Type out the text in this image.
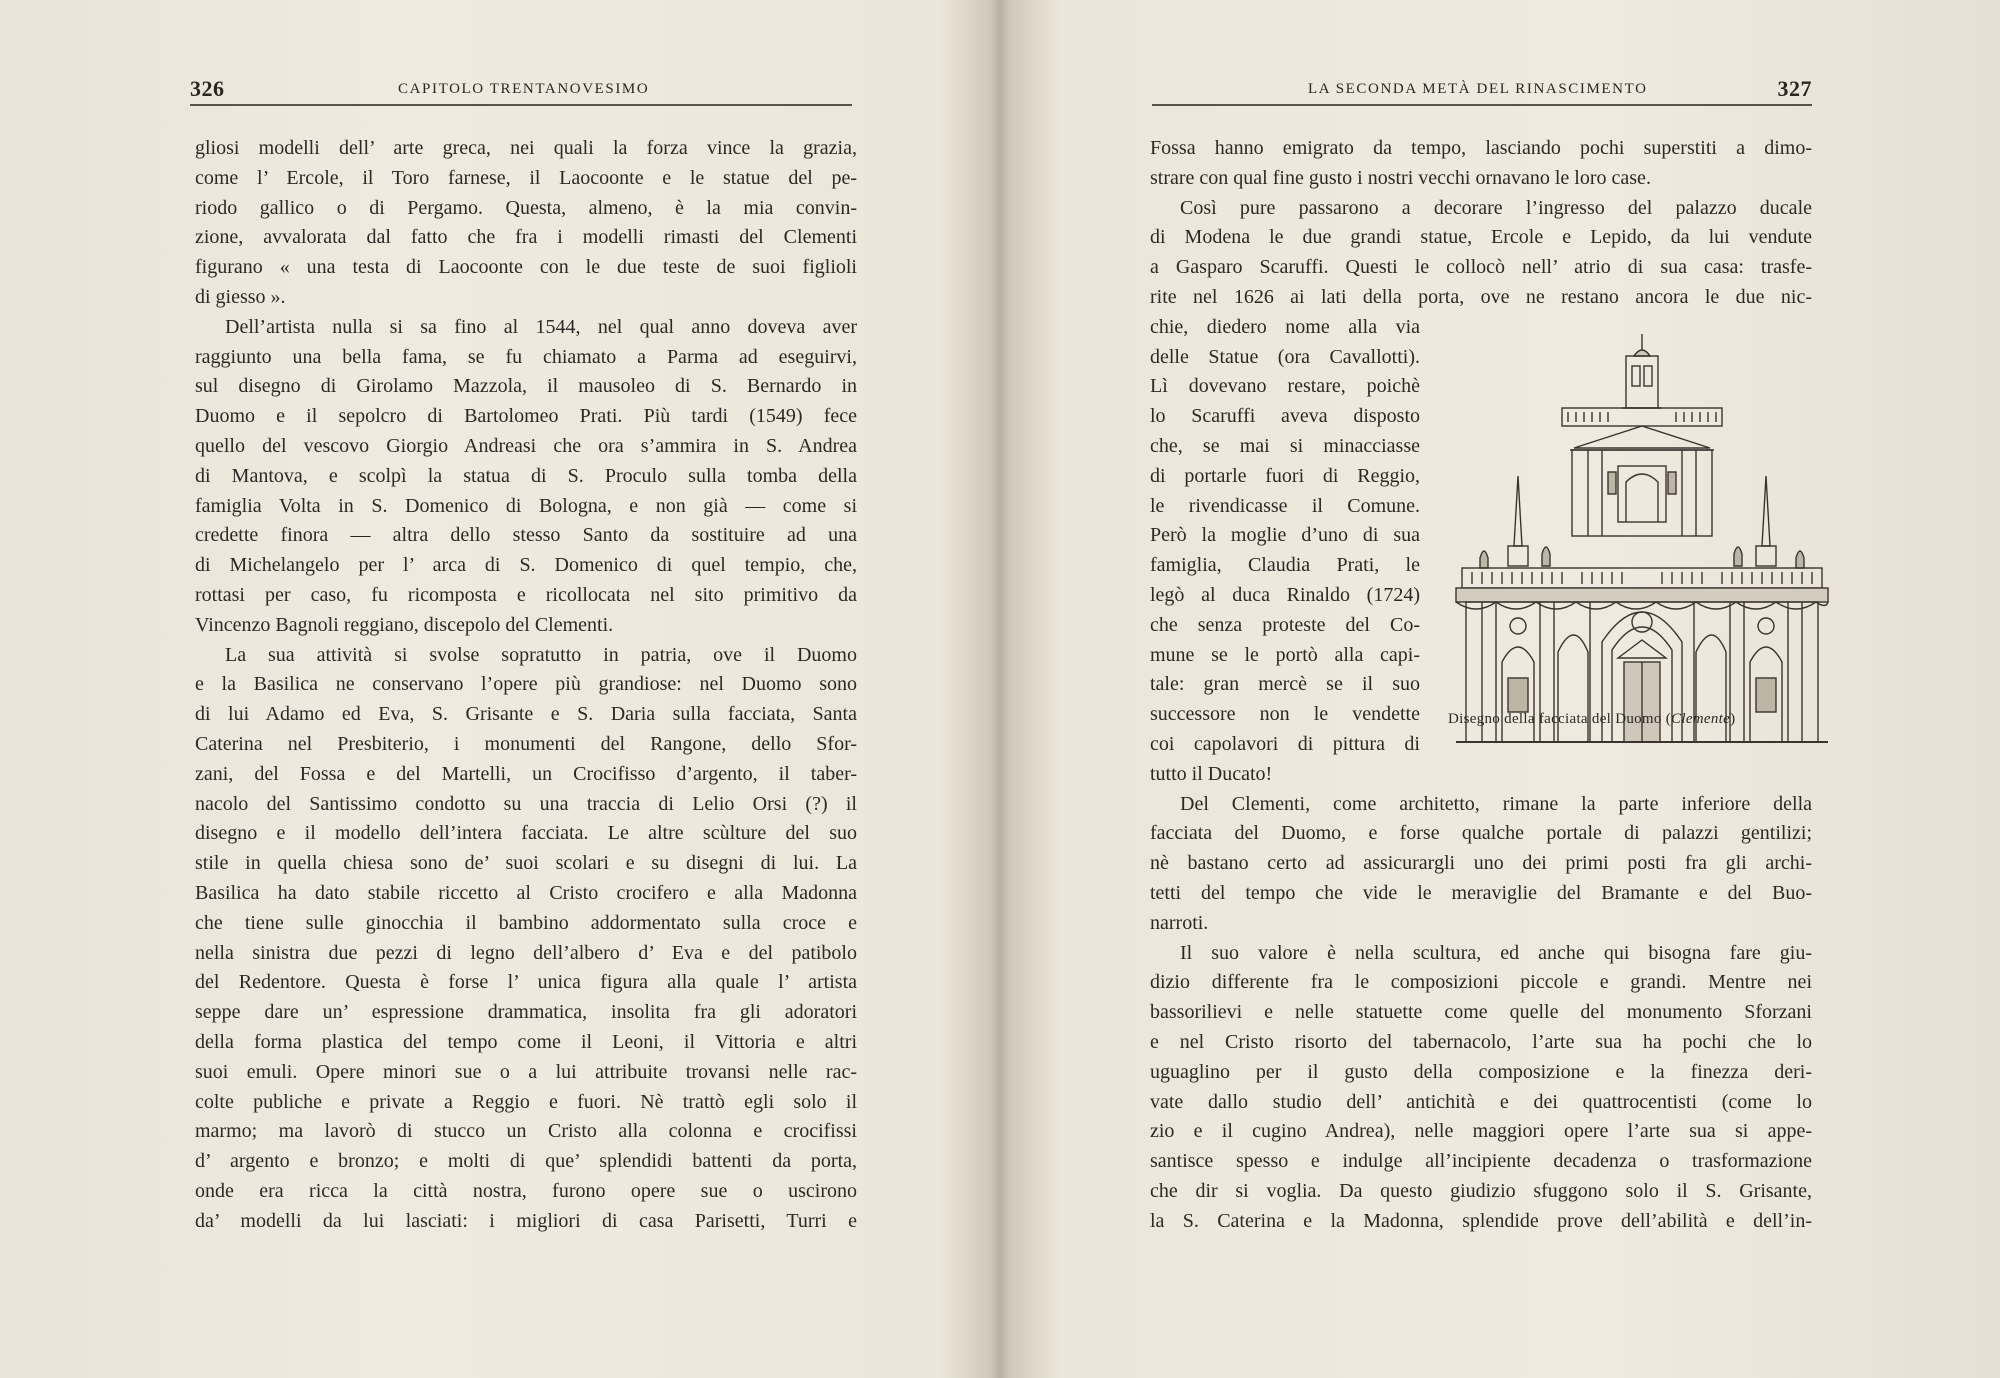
326	CAPITOLO TRENTANOVESIMO
gliosi modelli dell’ arte greca, nei quali la forza vince la grazia,
come l’ Ercole, il Toro farnese, il Laocoonte e le statue del pe-
riodo gallico o di Pergamo. Questa, almeno, è la mia convin-
zione, avvalorata dal fatto che fra i modelli rimasti del Clementi
figurano « una testa di Laocoonte con le due teste de suoi figlioli
di giesso ».
Dell’artista nulla si sa fino al 1544, nel qual anno doveva aver
raggiunto una bella fama, se fu chiamato a Parma ad eseguirvi,
sul disegno di Girolamo Mazzola, il mausoleo di S. Bernardo in
Duomo e il sepolcro di Bartolomeo Prati. Più tardi (1549) fece
quello del vescovo Giorgio Andreasi che ora s’ammira in S. Andrea
di Mantova, e scolpì la statua di S. Proculo sulla tomba della
famiglia Volta in S. Domenico di Bologna, e non già — come si
credette finora — altra dello stesso Santo da sostituire ad una
di Michelangelo per l’ arca di S. Domenico di quel tempio, che,
rottasi per caso, fu ricomposta e ricollocata nel sito primitivo da
Vincenzo Bagnoli reggiano, discepolo del Clementi.
La sua attività si svolse sopratutto in patria, ove il Duomo
e la Basilica ne conservano l’opere più grandiose: nel Duomo sono
di lui Adamo ed Eva, S. Grisante e S. Daria sulla facciata, Santa
Caterina nel Presbiterio, i monumenti del Rangone, dello Sfor-
zani, del Fossa e del Martelli, un Crocifisso d’argento, il taber-
nacolo del Santissimo condotto su una traccia di Lelio Orsi (?) il
disegno e il modello dell’intera facciata. Le altre scùlture del suo
stile in quella chiesa sono de’ suoi scolari e su disegni di lui. La
Basilica ha dato stabile riccetto al Cristo crocifero e alla Madonna
che tiene sulle ginocchia il bambino addormentato sulla croce e
nella sinistra due pezzi di legno dell’albero d’ Eva e del patibolo
del Redentore. Questa è forse l’ unica figura alla quale l’ artista
seppe dare un’ espressione drammatica, insolita fra gli adoratori
della forma plastica del tempo come il Leoni, il Vittoria e altri
suoi emuli. Opere minori sue o a lui attribuite trovansi nelle rac-
colte publiche e private a Reggio e fuori. Nè trattò egli solo il
marmo; ma lavorò di stucco un Cristo alla colonna e crocifissi
d’ argento e bronzo; e molti di que’ splendidi battenti da porta,
onde era ricca la città nostra, furono opere sue o uscirono
da’ modelli da lui lasciati: i migliori di casa Parisetti, Turri e
LA SECONDA METÀ DEL RINASCIMENTO	327
Fossa hanno emigrato da tempo, lasciando pochi superstiti a dimo-
strare con qual fine gusto i nostri vecchi ornavano le loro case.
Così pure passarono a decorare l’ingresso del palazzo ducale
di Modena le due grandi statue, Ercole e Lepido, da lui vendute
a Gasparo Scaruffi. Questi le collocò nell’ atrio di sua casa: trasfe-
rite nel 1626 ai lati della porta, ove ne restano ancora le due nic-
chie, diedero nome alla via
delle Statue (ora Cavallotti).
Lì dovevano restare, poichè
lo Scaruffi aveva disposto
che, se mai si minacciasse
di portarle fuori di Reggio,
le rivendicasse il Comune.
Però la moglie d’uno di sua
famiglia, Claudia Prati, le
legò al duca Rinaldo (1724)
che senza proteste del Co-
mune se le portò alla capi-
tale: gran mercè se il suo
successore non le vendette
coi capolavori di pittura di
tutto il Ducato!
Del Clementi, come architetto, rimane la parte inferiore della
facciata del Duomo, e forse qualche portale di palazzi gentilizi;
nè bastano certo ad assicurargli uno dei primi posti fra gli archi-
tetti del tempo che vide le meraviglie del Bramante e del Buo-
narroti.
Il suo valore è nella scultura, ed anche qui bisogna fare giu-
dizio differente fra le composizioni piccole e grandi. Mentre nei
bassorilievi e nelle statuette come quelle del monumento Sforzani
e nel Cristo risorto del tabernacolo, l’arte sua ha pochi che lo
uguaglino per il gusto della composizione e la finezza deri-
vate dallo studio dell’ antichità e dei quattrocentisti (come lo
zio e il cugino Andrea), nelle maggiori opere l’arte sua si appe-
santisce spesso e indulge all’incipiente decadenza o trasformazione
che dir si voglia. Da questo giudizio sfuggono solo il S. Grisante,
la S. Caterina e la Madonna, splendide prove dell’abilità e dell’in-
Disegno della facciata del Duomo (Clemente)
